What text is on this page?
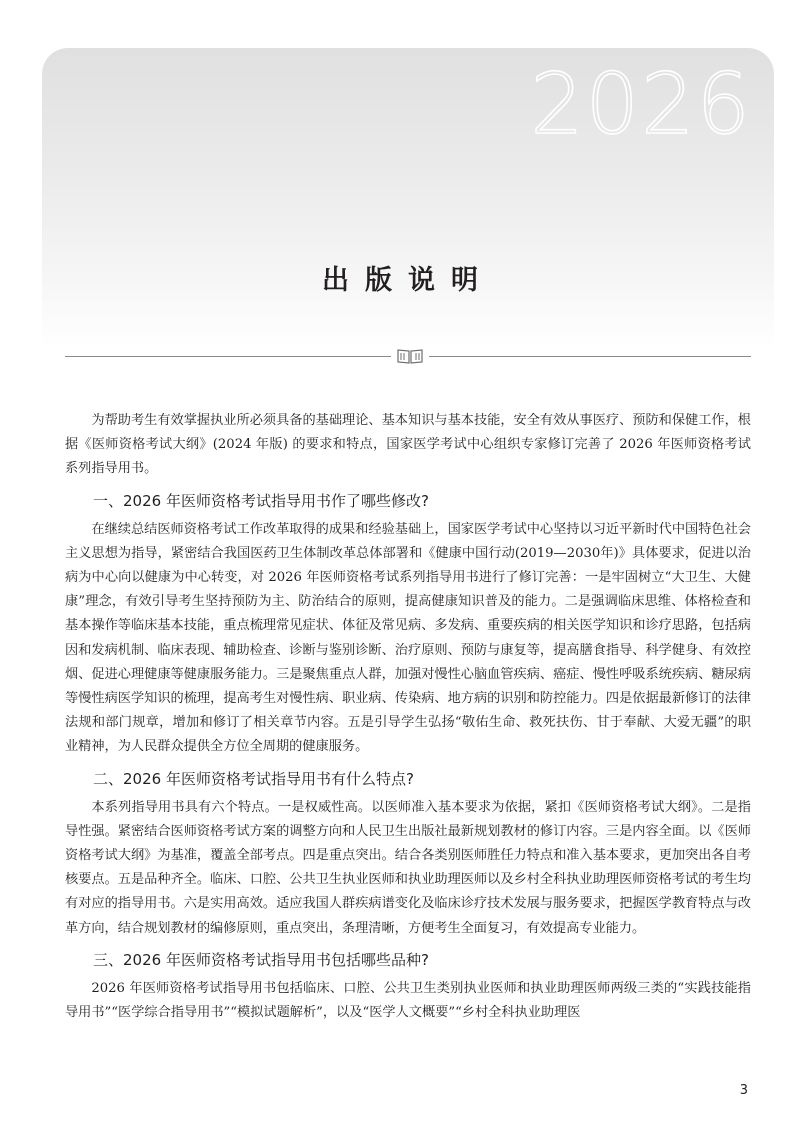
2026
出版说明

为帮助考生有效掌握执业所必须具备的基础理论、基本知识与基本技能，安全有效从事医疗、预防和保健工作，根据《医师资格考试大纲》(2024 年版) 的要求和特点，国家医学考试中心组织专家修订完善了 2026 年医师资格考试系列指导用书。

一、2026 年医师资格考试指导用书作了哪些修改?

在继续总结医师资格考试工作改革取得的成果和经验基础上，国家医学考试中心坚持以习近平新时代中国特色社会主义思想为指导，紧密结合我国医药卫生体制改革总体部署和《健康中国行动(2019—2030年)》具体要求，促进以治病为中心向以健康为中心转变，对 2026 年医师资格考试系列指导用书进行了修订完善：一是牢固树立“大卫生、大健康”理念，有效引导考生坚持预防为主、防治结合的原则，提高健康知识普及的能力。二是强调临床思维、体格检查和基本操作等临床基本技能，重点梳理常见症状、体征及常见病、多发病、重要疾病的相关医学知识和诊疗思路，包括病因和发病机制、临床表现、辅助检查、诊断与鉴别诊断、治疗原则、预防与康复等，提高膳食指导、科学健身、有效控烟、促进心理健康等健康服务能力。三是聚焦重点人群，加强对慢性心脑血管疾病、癌症、慢性呼吸系统疾病、糖尿病等慢性病医学知识的梳理，提高考生对慢性病、职业病、传染病、地方病的识别和防控能力。四是依据最新修订的法律法规和部门规章，增加和修订了相关章节内容。五是引导学生弘扬“敬佑生命、救死扶伤、甘于奉献、大爱无疆”的职业精神，为人民群众提供全方位全周期的健康服务。

二、2026 年医师资格考试指导用书有什么特点?

本系列指导用书具有六个特点。一是权威性高。以医师准入基本要求为依据，紧扣《医师资格考试大纲》。二是指导性强。紧密结合医师资格考试方案的调整方向和人民卫生出版社最新规划教材的修订内容。三是内容全面。以《医师资格考试大纲》为基准，覆盖全部考点。四是重点突出。结合各类别医师胜任力特点和准入基本要求，更加突出各自考核要点。五是品种齐全。临床、口腔、公共卫生执业医师和执业助理医师以及乡村全科执业助理医师资格考试的考生均有对应的指导用书。六是实用高效。适应我国人群疾病谱变化及临床诊疗技术发展与服务要求，把握医学教育特点与改革方向，结合规划教材的编修原则，重点突出，条理清晰，方便考生全面复习，有效提高专业能力。

三、2026 年医师资格考试指导用书包括哪些品种?

2026 年医师资格考试指导用书包括临床、口腔、公共卫生类别执业医师和执业助理医师两级三类的“实践技能指导用书”“医学综合指导用书”“模拟试题解析”，以及“医学人文概要”“乡村全科执业助理医

3
